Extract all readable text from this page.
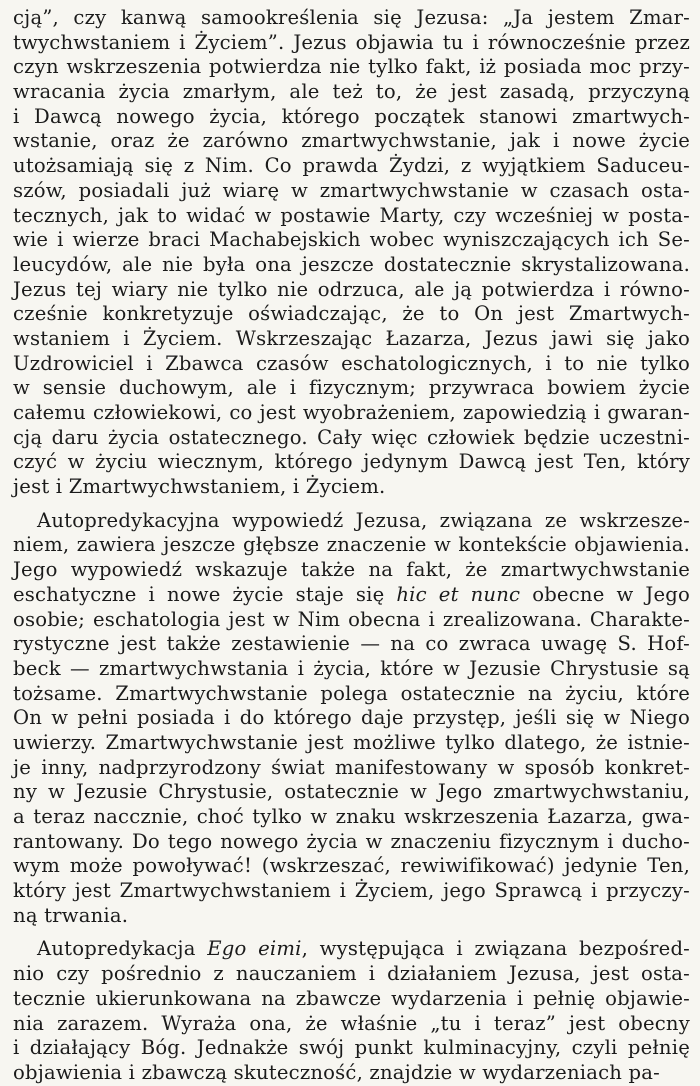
cją”, czy kanwą samookreślenia się Jezusa: „Ja jestem Zmar-
twychwstaniem i Życiem”. Jezus objawia tu i równocześnie przez
czyn wskrzeszenia potwierdza nie tylko fakt, iż posiada moc przy-
wracania życia zmarłym, ale też to, że jest zasadą, przyczyną
i Dawcą nowego życia, którego początek stanowi zmartwych-
wstanie, oraz że zarówno zmartwychwstanie, jak i nowe życie
utożsamiają się z Nim. Co prawda Żydzi, z wyjątkiem Saduceu-
szów, posiadali już wiarę w zmartwychwstanie w czasach osta-
tecznych, jak to widać w postawie Marty, czy wcześniej w posta-
wie i wierze braci Machabejskich wobec wyniszczających ich Se-
leucydów, ale nie była ona jeszcze dostatecznie skrystalizowana.
Jezus tej wiary nie tylko nie odrzuca, ale ją potwierdza i równo-
cześnie konkretyzuje oświadczając, że to On jest Zmartwych-
wstaniem i Życiem. Wskrzeszając Łazarza, Jezus jawi się jako
Uzdrowiciel i Zbawca czasów eschatologicznych, i to nie tylko
w sensie duchowym, ale i fizycznym; przywraca bowiem życie
całemu człowiekowi, co jest wyobrażeniem, zapowiedzią i gwaran-
cją daru życia ostatecznego. Cały więc człowiek będzie uczestni-
czyć w życiu wiecznym, którego jedynym Dawcą jest Ten, który
jest i Zmartwychwstaniem, i Życiem.

Autopredykacyjna wypowiedź Jezusa, związana ze wskrzesze-
niem, zawiera jeszcze głębsze znaczenie w kontekście objawienia.
Jego wypowiedź wskazuje także na fakt, że zmartwychwstanie
eschatyczne i nowe życie staje się hic et nunc obecne w Jego
osobie; eschatologia jest w Nim obecna i zrealizowana. Charakte-
rystyczne jest także zestawienie — na co zwraca uwagę S. Hof-
beck — zmartwychwstania i życia, które w Jezusie Chrystusie są
tożsame. Zmartwychwstanie polega ostatecznie na życiu, które
On w pełni posiada i do którego daje przystęp, jeśli się w Niego
uwierzy. Zmartwychwstanie jest możliwe tylko dlatego, że istnie-
je inny, nadprzyrodzony świat manifestowany w sposób konkret-
ny w Jezusie Chrystusie, ostatecznie w Jego zmartwychwstaniu,
a teraz naccznie, choć tylko w znaku wskrzeszenia Łazarza, gwa-
rantowany. Do tego nowego życia w znaczeniu fizycznym i ducho-
wym może powoływać! (wskrzeszać, rewiwifikować) jedynie Ten,
który jest Zmartwychwstaniem i Życiem, jego Sprawcą i przyczy-
ną trwania.

Autopredykacja Ego eimi, występująca i związana bezpośred-
nio czy pośrednio z nauczaniem i działaniem Jezusa, jest osta-
tecznie ukierunkowana na zbawcze wydarzenia i pełnię objawie-
nia zarazem. Wyraża ona, że właśnie „tu i teraz” jest obecny
i działający Bóg. Jednakże swój punkt kulminacyjny, czyli pełnię
objawienia i zbawczą skuteczność, znajdzie w wydarzeniach pa-
